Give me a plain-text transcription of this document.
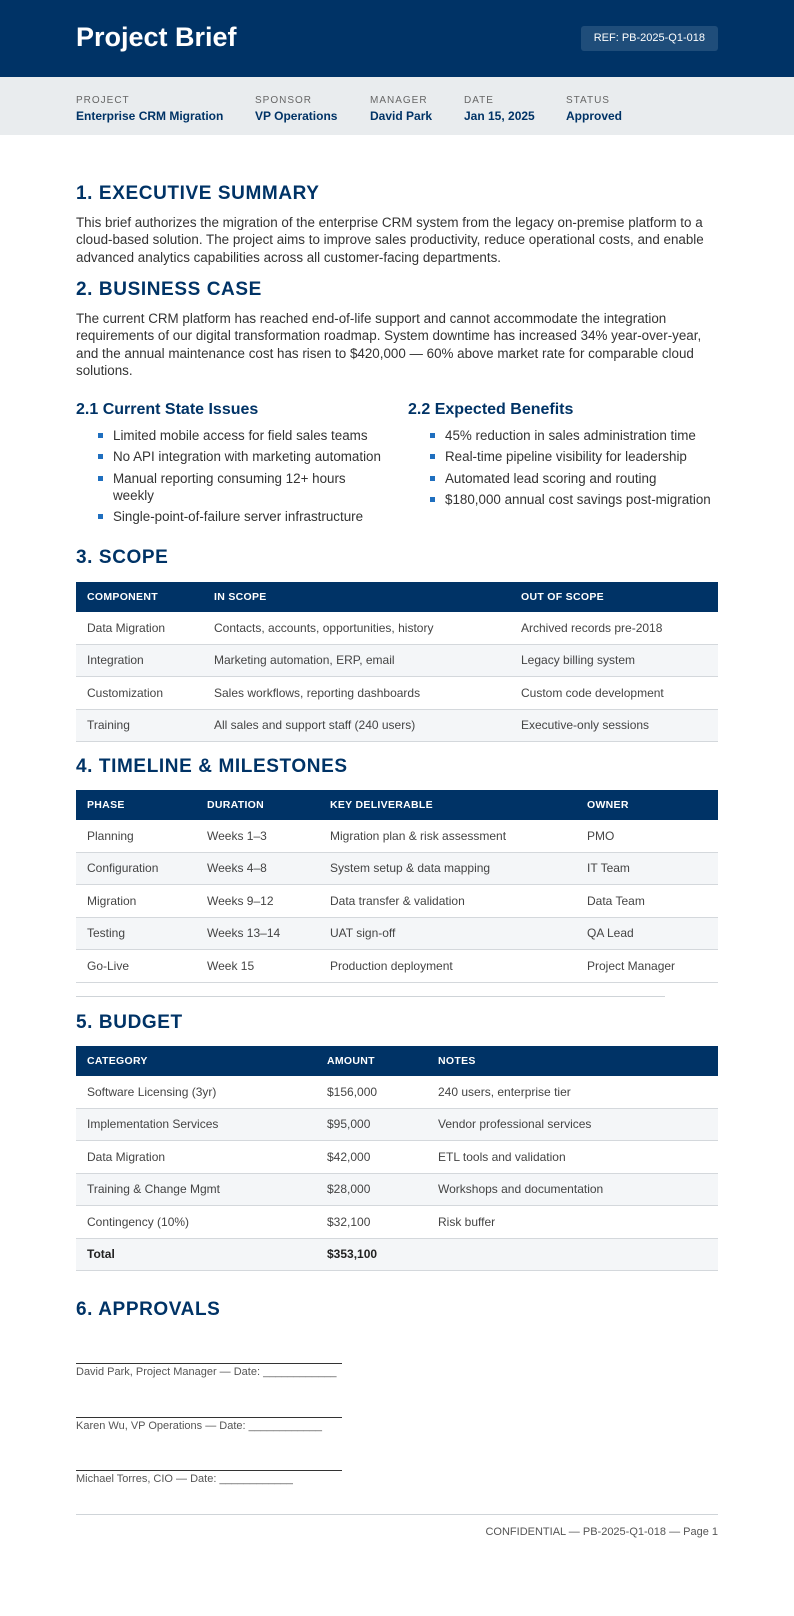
Project Brief	REF: PB-2025-Q1-018
PROJECT
Enterprise CRM Migration
SPONSOR
VP Operations
MANAGER
David Park
DATE
Jan 15, 2025
STATUS
Approved
1. EXECUTIVE SUMMARY

This brief authorizes the migration of the enterprise CRM system from the legacy on-premise platform to a cloud-based solution. The project aims to improve sales productivity, reduce operational costs, and enable advanced analytics capabilities across all customer-facing departments.

2. BUSINESS CASE

The current CRM platform has reached end-of-life support and cannot accommodate the integration requirements of our digital transformation roadmap. System downtime has increased 34% year-over-year, and the annual maintenance cost has risen to $420,000 — 60% above market rate for comparable cloud solutions.

2.1 Current State Issues
Limited mobile access for field sales teams
No API integration with marketing automation
Manual reporting consuming 12+ hours weekly
Single-point-of-failure server infrastructure
2.2 Expected Benefits
45% reduction in sales administration time
Real-time pipeline visibility for leadership
Automated lead scoring and routing
$180,000 annual cost savings post-migration
3. SCOPE
COMPONENT	IN SCOPE	OUT OF SCOPE
Data Migration	Contacts, accounts, opportunities, history	Archived records pre-2018
Integration	Marketing automation, ERP, email	Legacy billing system
Customization	Sales workflows, reporting dashboards	Custom code development
Training	All sales and support staff (240 users)	Executive-only sessions
4. TIMELINE & MILESTONES
PHASE	DURATION	KEY DELIVERABLE	OWNER
Planning	Weeks 1–3	Migration plan & risk assessment	PMO
Configuration	Weeks 4–8	System setup & data mapping	IT Team
Migration	Weeks 9–12	Data transfer & validation	Data Team
Testing	Weeks 13–14	UAT sign-off	QA Lead
Go-Live	Week 15	Production deployment	Project Manager
5. BUDGET
CATEGORY	AMOUNT	NOTES
Software Licensing (3yr)	$156,000	240 users, enterprise tier
Implementation Services	$95,000	Vendor professional services
Data Migration	$42,000	ETL tools and validation
Training & Change Mgmt	$28,000	Workshops and documentation
Contingency (10%)	$32,100	Risk buffer
Total	$353,100	
6. APPROVALS
David Park, Project Manager — Date: ____________
Karen Wu, VP Operations — Date: ____________
Michael Torres, CIO — Date: ____________
CONFIDENTIAL — PB-2025-Q1-018 — Page 1
